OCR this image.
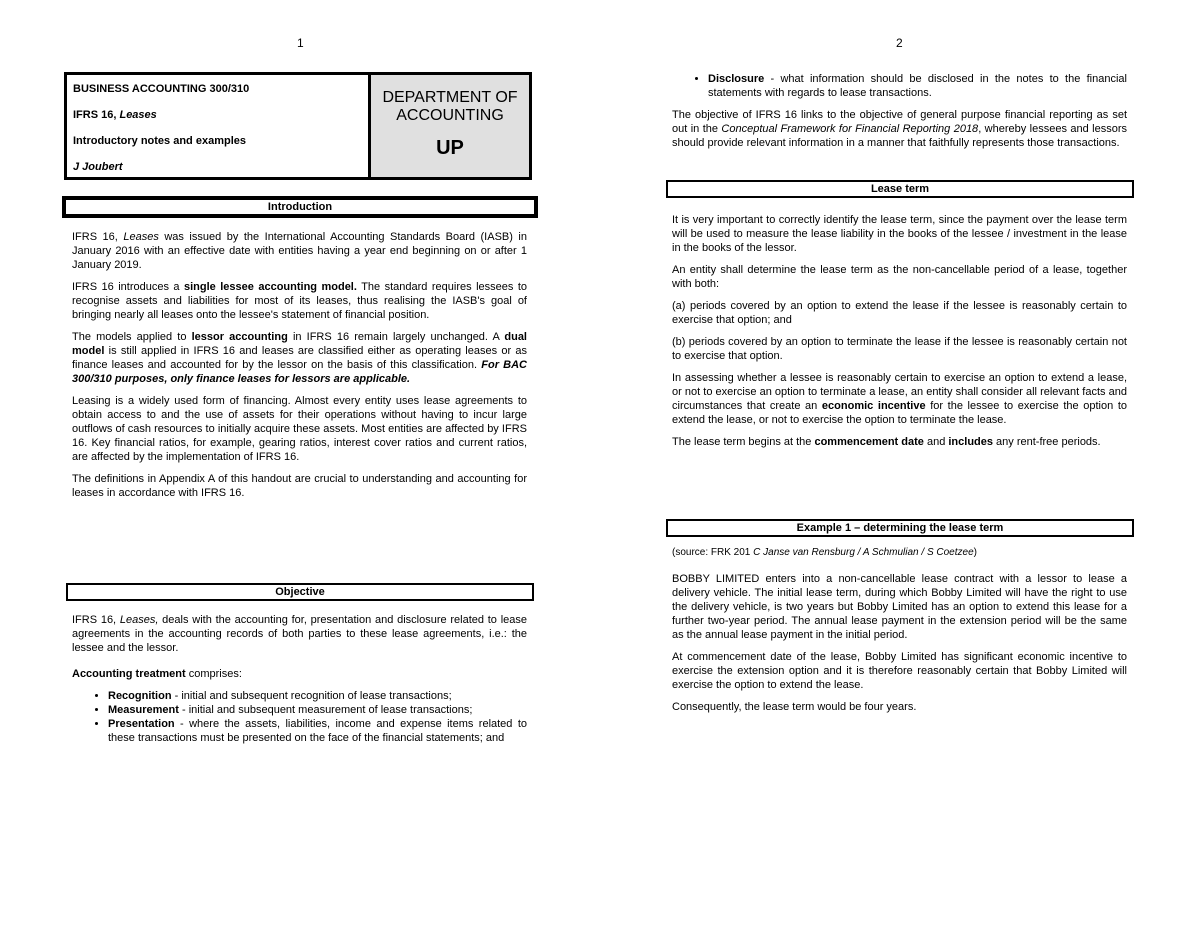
1	2
BUSINESS ACCOUNTING 300/310
IFRS 16, Leases
Introductory notes and examples
J Joubert
DEPARTMENT OF
ACCOUNTING
UP
Introduction

IFRS 16, Leases was issued by the International Accounting Standards Board (IASB) in January 2016 with an effective date with entities having a year end beginning on or after 1 January 2019.

IFRS 16 introduces a single lessee accounting model. The standard requires lessees to recognise assets and liabilities for most of its leases, thus realising the IASB's goal of bringing nearly all leases onto the lessee's statement of financial position.

The models applied to lessor accounting in IFRS 16 remain largely unchanged. A dual model is still applied in IFRS 16 and leases are classified either as operating leases or as finance leases and accounted for by the lessor on the basis of this classification. For BAC 300/310 purposes, only finance leases for lessors are applicable.

Leasing is a widely used form of financing. Almost every entity uses lease agreements to obtain access to and the use of assets for their operations without having to incur large outflows of cash resources to initially acquire these assets. Most entities are affected by IFRS 16. Key financial ratios, for example, gearing ratios, interest cover ratios and current ratios, are affected by the implementation of IFRS 16.

The definitions in Appendix A of this handout are crucial to understanding and accounting for leases in accordance with IFRS 16.

Objective

IFRS 16, Leases, deals with the accounting for, presentation and disclosure related to lease agreements in the accounting records of both parties to these lease agreements, i.e.: the lessee and the lessor.

Accounting treatment comprises:

• Recognition - initial and subsequent recognition of lease transactions;
• Measurement - initial and subsequent measurement of lease transactions;
• Presentation - where the assets, liabilities, income and expense items related to these transactions must be presented on the face of the financial statements; and
• Disclosure - what information should be disclosed in the notes to the financial statements with regards to lease transactions.

The objective of IFRS 16 links to the objective of general purpose financial reporting as set out in the Conceptual Framework for Financial Reporting 2018, whereby lessees and lessors should provide relevant information in a manner that faithfully represents those transactions.

Lease term

It is very important to correctly identify the lease term, since the payment over the lease term will be used to measure the lease liability in the books of the lessee / investment in the lease in the books of the lessor.

An entity shall determine the lease term as the non-cancellable period of a lease, together with both:

(a) periods covered by an option to extend the lease if the lessee is reasonably certain to exercise that option; and

(b) periods covered by an option to terminate the lease if the lessee is reasonably certain not to exercise that option.

In assessing whether a lessee is reasonably certain to exercise an option to extend a lease, or not to exercise an option to terminate a lease, an entity shall consider all relevant facts and circumstances that create an economic incentive for the lessee to exercise the option to extend the lease, or not to exercise the option to terminate the lease.

The lease term begins at the commencement date and includes any rent-free periods.

Example 1 – determining the lease term

(source: FRK 201 C Janse van Rensburg / A Schmulian / S Coetzee)

BOBBY LIMITED enters into a non-cancellable lease contract with a lessor to lease a delivery vehicle. The initial lease term, during which Bobby Limited will have the right to use the delivery vehicle, is two years but Bobby Limited has an option to extend this lease for a further two-year period. The annual lease payment in the extension period will be the same as the annual lease payment in the initial period.

At commencement date of the lease, Bobby Limited has significant economic incentive to exercise the extension option and it is therefore reasonably certain that Bobby Limited will exercise the option to extend the lease.

Consequently, the lease term would be four years.
